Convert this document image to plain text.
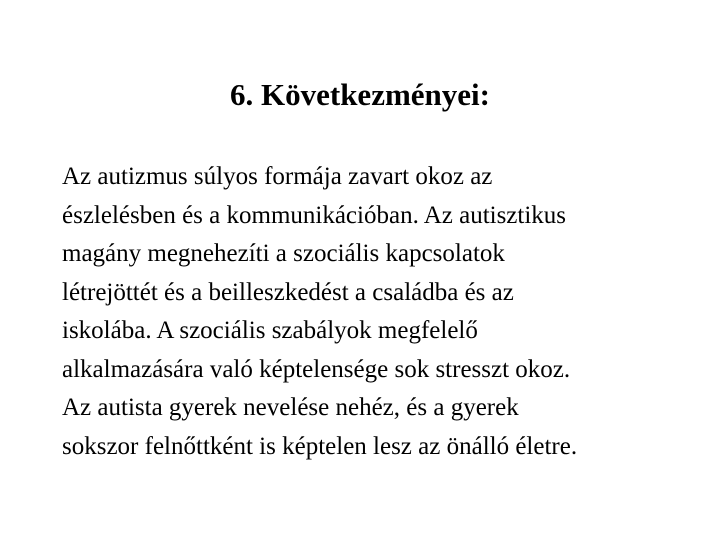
6. Következményei:
Az autizmus súlyos formája zavart okoz az
észlelésben és a kommunikációban. Az autisztikus
magány megnehezíti a szociális kapcsolatok
létrejöttét és a beilleszkedést a családba és az
iskolába. A szociális szabályok megfelelő
alkalmazására való képtelensége sok stresszt okoz.
Az autista gyerek nevelése nehéz, és a gyerek
sokszor felnőttként is képtelen lesz az önálló életre.
